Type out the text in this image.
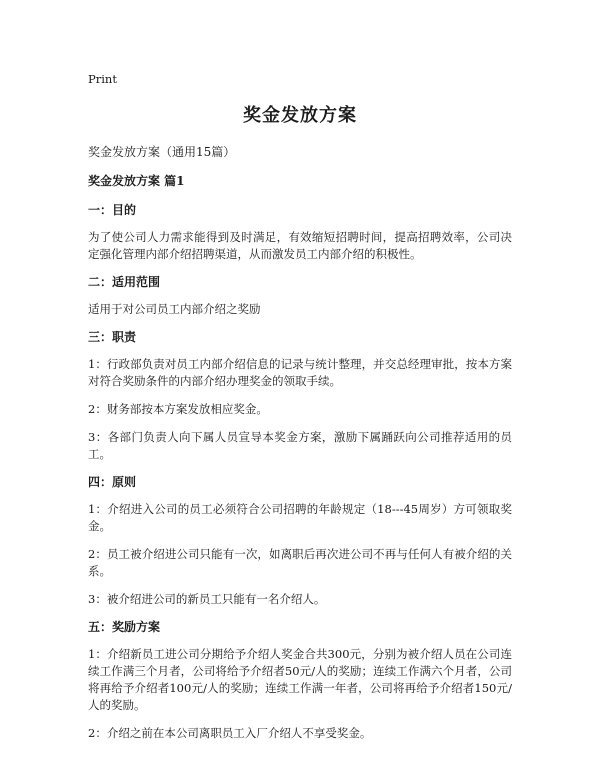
Print
奖金发放方案
奖金发放方案（通用15篇）
奖金发放方案 篇1
一：目的
为了使公司人力需求能得到及时满足，有效缩短招聘时间，提高招聘效率，公司决定强化管理内部介绍招聘渠道，从而激发员工内部介绍的积极性。
二：适用范围
适用于对公司员工内部介绍之奖励
三：职责
1：行政部负责对员工内部介绍信息的记录与统计整理，并交总经理审批，按本方案对符合奖励条件的内部介绍办理奖金的领取手续。
2：财务部按本方案发放相应奖金。
3：各部门负责人向下属人员宣导本奖金方案，激励下属踊跃向公司推荐适用的员工。
四：原则
1：介绍进入公司的员工必须符合公司招聘的年龄规定（18---45周岁）方可领取奖金。
2：员工被介绍进公司只能有一次，如离职后再次进公司不再与任何人有被介绍的关系。
3：被介绍进公司的新员工只能有一名介绍人。
五：奖励方案
1：介绍新员工进公司分期给予介绍人奖金合共300元，分别为被介绍人员在公司连续工作满三个月者，公司将给予介绍者50元/人的奖励；连续工作满六个月者，公司将再给予介绍者100元/人的奖励；连续工作满一年者，公司将再给予介绍者150元/人的奖励。
2：介绍之前在本公司离职员工入厂介绍人不享受奖金。
